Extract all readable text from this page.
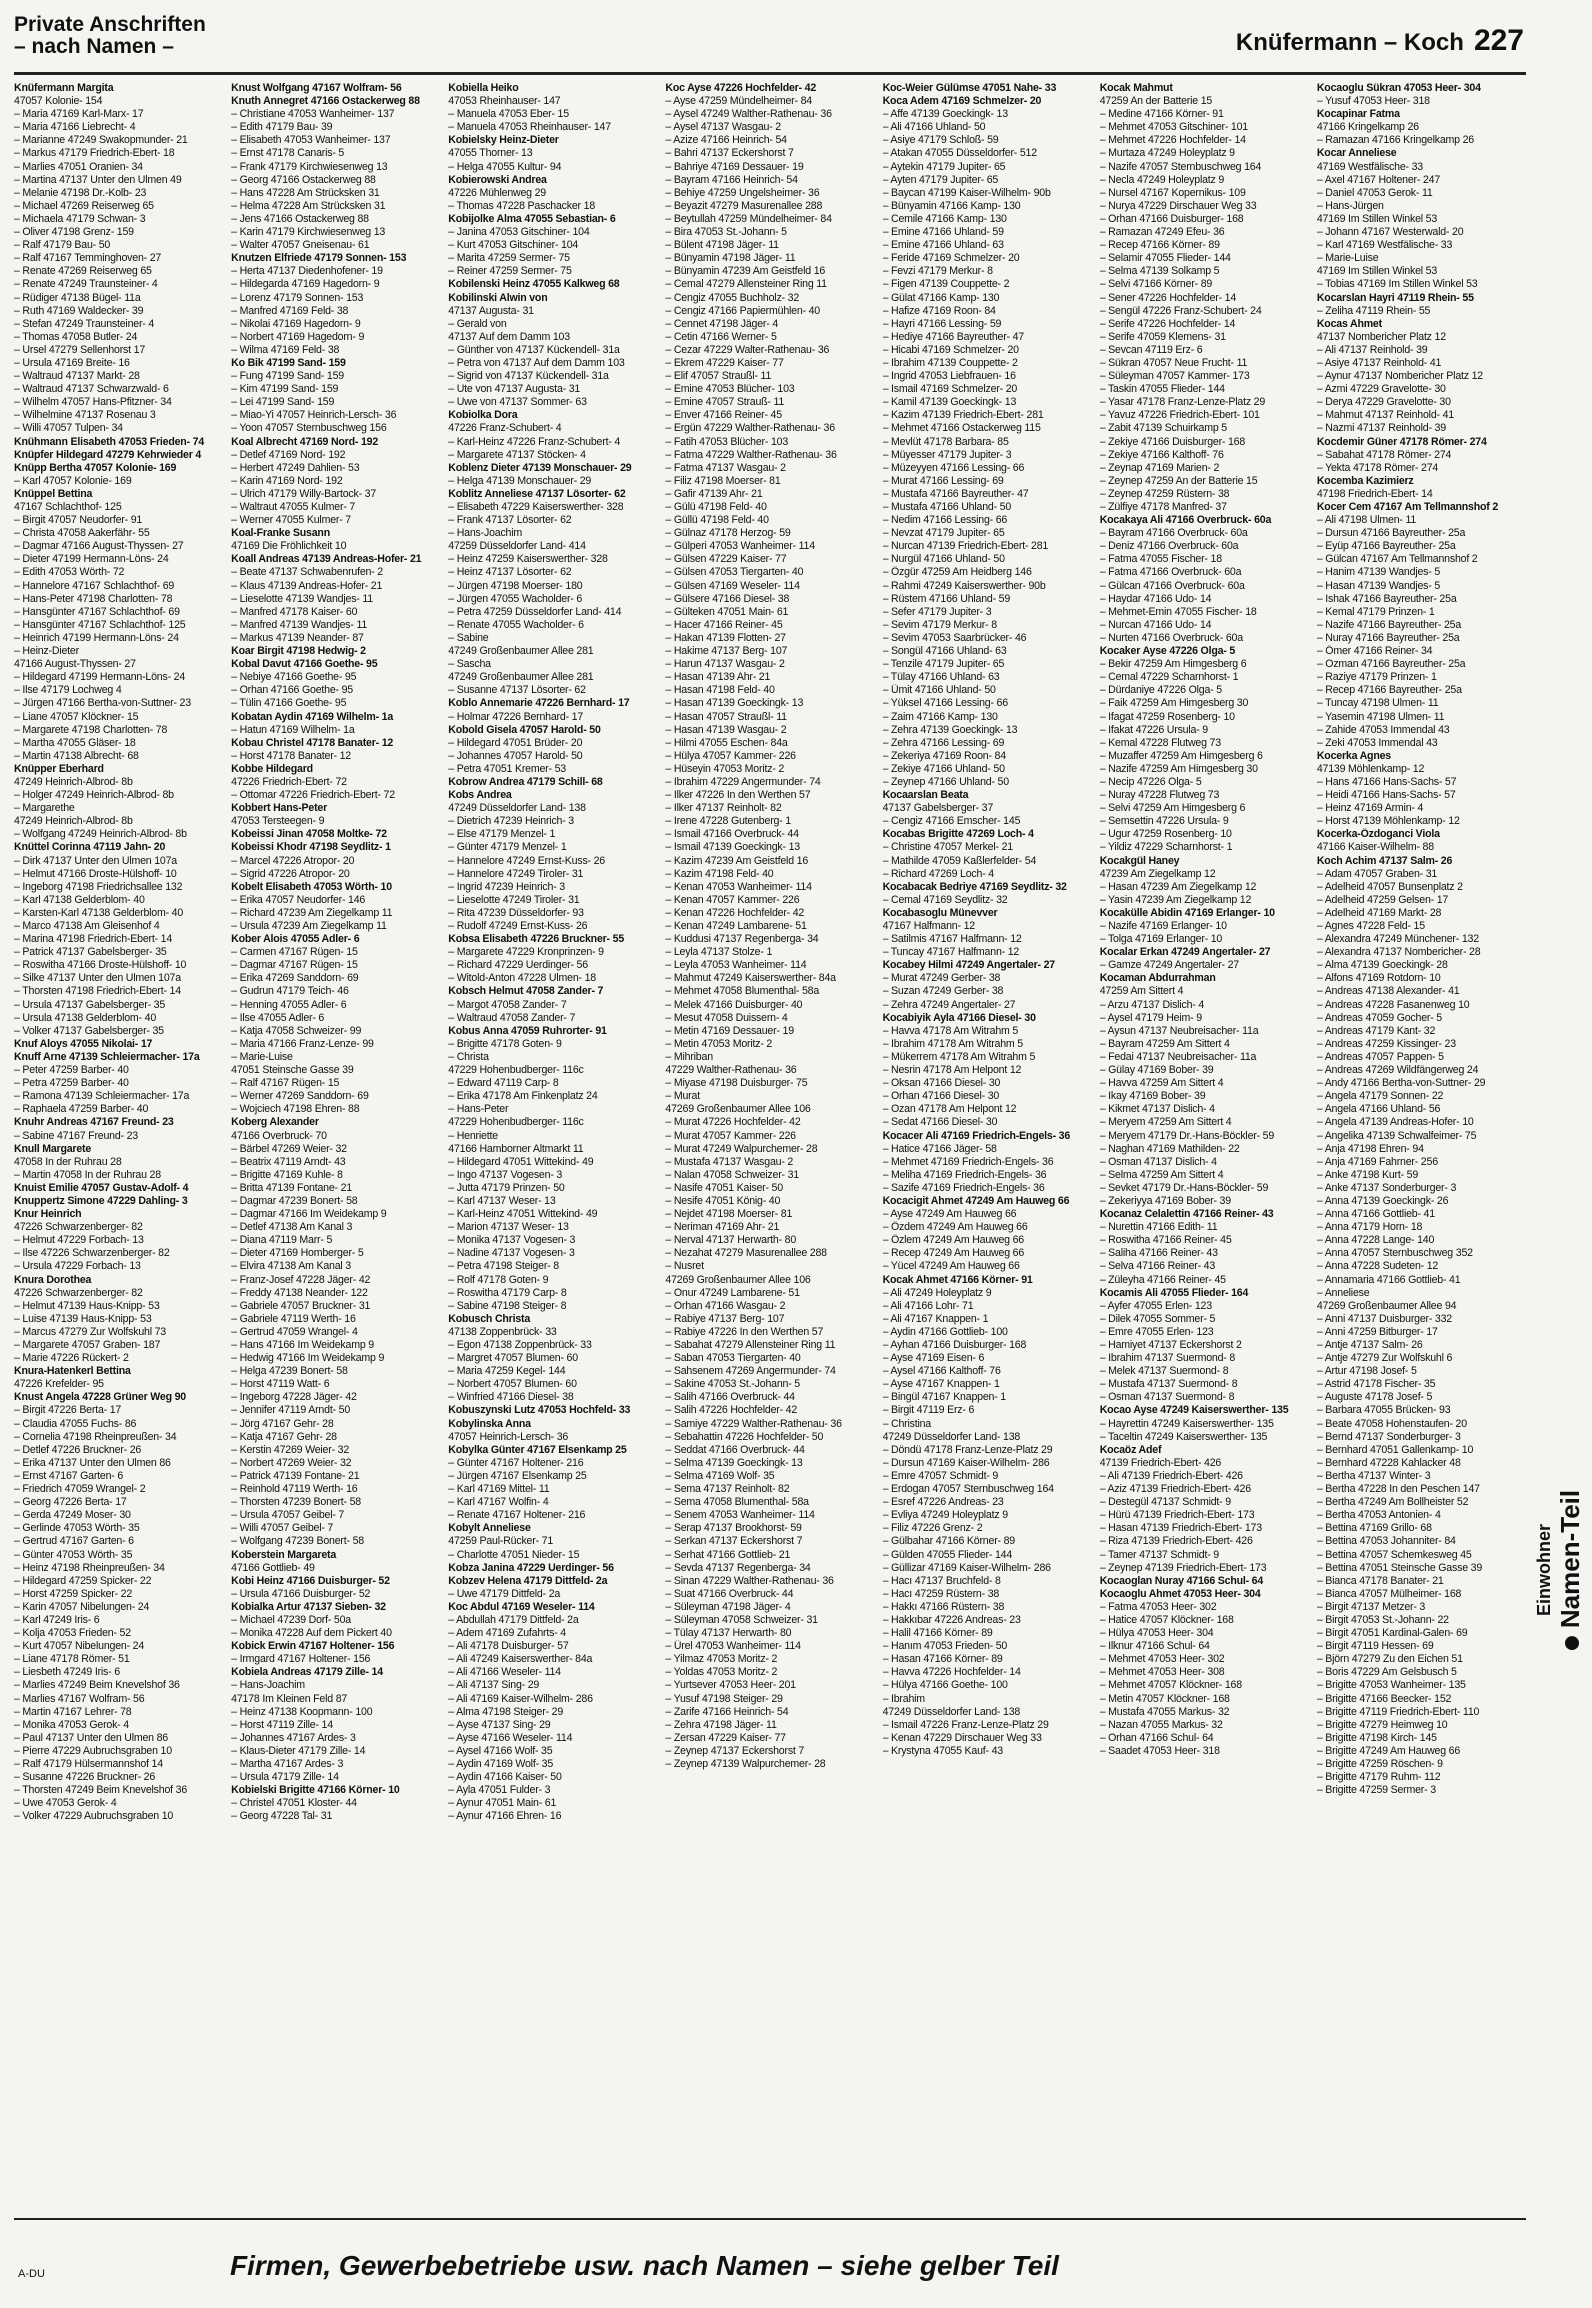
Private Anschriften
– nach Namen –	Knüfermann – Koch 227
Knüfermann Margita
47057 Kolonie- 154
– Maria 47169 Karl-Marx- 17
– Maria 47166 Liebrecht- 4
– Marianne 47249 Swakopmunder- 21
– Markus 47179 Friedrich-Ebert- 18
– Marlies 47051 Oranien- 34
– Martina 47137 Unter den Ulmen 49
– Melanie 47198 Dr.-Kolb- 23
– Michael 47269 Reiserweg 65
– Michaela 47179 Schwan- 3
– Oliver 47198 Grenz- 159
– Ralf 47179 Bau- 50
– Ralf 47167 Temminghoven- 27
– Renate 47269 Reiserweg 65
– Renate 47249 Traunsteiner- 4
– Rüdiger 47138 Bügel- 11a
– Ruth 47169 Waldecker- 39
– Stefan 47249 Traunsteiner- 4
– Thomas 47058 Butler- 24
– Ursel 47279 Sellenhorst 17
– Ursula 47169 Breite- 16
– Waltraud 47137 Markt- 28
– Waltraud 47137 Schwarzwald- 6
– Wilhelm 47057 Hans-Pfitzner- 34
– Wilhelmine 47137 Rosenau 3
– Willi 47057 Tulpen- 34
Knühmann Elisabeth 47053 Frieden- 74
Knüpfer Hildegard 47279 Kehrwieder 4
Knüpp Bertha 47057 Kolonie- 169
– Karl 47057 Kolonie- 169
Knüppel Bettina
47167 Schlachthof- 125
– Birgit 47057 Neudorfer- 91
– Christa 47058 Aakerfähr- 55
– Dagmar 47166 August-Thyssen- 27
– Dieter 47199 Hermann-Löns- 24
– Edith 47053 Wörth- 72
– Hannelore 47167 Schlachthof- 69
– Hans-Peter 47198 Charlotten- 78
– Hansgünter 47167 Schlachthof- 69
– Hansgünter 47167 Schlachthof- 125
– Heinrich 47199 Hermann-Löns- 24
– Heinz-Dieter
47166 August-Thyssen- 27
– Hildegard 47199 Hermann-Löns- 24
– Ilse 47179 Lochweg 4
– Jürgen 47166 Bertha-von-Suttner- 23
– Liane 47057 Klöckner- 15
– Margarete 47198 Charlotten- 78
– Martha 47055 Gläser- 18
– Martin 47138 Albrecht- 68
Knüpper Eberhard
47249 Heinrich-Albrod- 8b
– Holger 47249 Heinrich-Albrod- 8b
– Margarethe
47249 Heinrich-Albrod- 8b
– Wolfgang 47249 Heinrich-Albrod- 8b
Knüttel Corinna 47119 Jahn- 20
– Dirk 47137 Unter den Ulmen 107a
– Helmut 47166 Droste-Hülshoff- 10
– Ingeborg 47198 Friedrichsallee 132
– Karl 47138 Gelderblom- 40
– Karsten-Karl 47138 Gelderblom- 40
– Marco 47138 Am Gleisenhof 4
– Marina 47198 Friedrich-Ebert- 14
– Patrick 47137 Gabelsberger- 35
– Roswitha 47166 Droste-Hülshoff- 10
– Silke 47137 Unter den Ulmen 107a
– Thorsten 47198 Friedrich-Ebert- 14
– Ursula 47137 Gabelsberger- 35
– Ursula 47138 Gelderblom- 40
– Volker 47137 Gabelsberger- 35
Knuf Aloys 47055 Nikolai- 17
Knuff Arne 47139 Schleiermacher- 17a
– Peter 47259 Barber- 40
– Petra 47259 Barber- 40
– Ramona 47139 Schleiermacher- 17a
– Raphaela 47259 Barber- 40
Knuhr Andreas 47167 Freund- 23
– Sabine 47167 Freund- 23
Knull Margarete
47058 In der Ruhrau 28
– Martin 47058 In der Ruhrau 28
Knuist Emilie 47057 Gustav-Adolf- 4
Knuppertz Simone 47229 Dahling- 3
Knur Heinrich
47226 Schwarzenberger- 82
– Helmut 47229 Forbach- 13
– Ilse 47226 Schwarzenberger- 82
– Ursula 47229 Forbach- 13
Knura Dorothea
47226 Schwarzenberger- 82
– Helmut 47139 Haus-Knipp- 53
– Luise 47139 Haus-Knipp- 53
– Marcus 47279 Zur Wolfskuhl 73
– Margarete 47057 Graben- 187
– Marie 47226 Rückert- 2
Knura-Hatenkerl Bettina
47226 Krefelder- 95
Knust Angela 47228 Grüner Weg 90
– Birgit 47226 Berta- 17
– Claudia 47055 Fuchs- 86
– Cornelia 47198 Rheinpreußen- 34
– Detlef 47226 Bruckner- 26
– Erika 47137 Unter den Ulmen 86
– Ernst 47167 Garten- 6
– Friedrich 47059 Wrangel- 2
– Georg 47226 Berta- 17
– Gerda 47249 Moser- 30
– Gerlinde 47053 Wörth- 35
– Gertrud 47167 Garten- 6
– Günter 47053 Wörth- 35
– Heinz 47198 Rheinpreußen- 34
– Hildegard 47259 Spicker- 22
– Horst 47259 Spicker- 22
– Karin 47057 Nibelungen- 24
– Karl 47249 Iris- 6
– Kolja 47053 Frieden- 52
– Kurt 47057 Nibelungen- 24
– Liane 47178 Römer- 51
– Liesbeth 47249 Iris- 6
– Marlies 47249 Beim Knevelshof 36
– Marlies 47167 Wolfram- 56
– Martin 47167 Lehrer- 78
– Monika 47053 Gerok- 4
– Paul 47137 Unter den Ulmen 86
– Pierre 47229 Aubruchsgraben 10
– Ralf 47179 Hülsermannshof 14
– Susanne 47226 Bruckner- 26
– Thorsten 47249 Beim Knevelshof 36
– Uwe 47053 Gerok- 4
– Volker 47229 Aubruchsgraben 10
Knust Wolfgang 47167 Wolfram- 56
Knuth Annegret 47166 Ostackerweg 88
– Christiane 47053 Wanheimer- 137
– Edith 47179 Bau- 39
– Elisabeth 47053 Wanheimer- 137
– Ernst 47178 Canaris- 5
– Frank 47179 Kirchwiesenweg 13
– Georg 47166 Ostackerweg 88
– Hans 47228 Am Strücksken 31
– Helma 47228 Am Strücksken 31
– Jens 47166 Ostackerweg 88
– Karin 47179 Kirchwiesenweg 13
– Walter 47057 Gneisenau- 61
Knutzen Elfriede 47179 Sonnen- 153
– Herta 47137 Diedenhofener- 19
– Hildegarda 47169 Hagedorn- 9
– Lorenz 47179 Sonnen- 153
– Manfred 47169 Feld- 38
– Nikolai 47169 Hagedorn- 9
– Norbert 47169 Hagedorn- 9
– Wilma 47169 Feld- 38
Ko Bik 47199 Sand- 159
– Fung 47199 Sand- 159
– Kim 47199 Sand- 159
– Lei 47199 Sand- 159
– Miao-Yi 47057 Heinrich-Lersch- 36
– Yoon 47057 Sternbuschweg 156
Koal Albrecht 47169 Nord- 192
– Detlef 47169 Nord- 192
– Herbert 47249 Dahlien- 53
– Karin 47169 Nord- 192
– Ulrich 47179 Willy-Bartock- 37
– Waltraut 47055 Kulmer- 7
– Werner 47055 Kulmer- 7
Koal-Franke Susann
47169 Die Fröhlichkeit 10
Koall Andreas 47139 Andreas-Hofer- 21
– Beate 47137 Schwabenrufen- 2
– Klaus 47139 Andreas-Hofer- 21
– Lieselotte 47139 Wandjes- 11
– Manfred 47178 Kaiser- 60
– Manfred 47139 Wandjes- 11
– Markus 47139 Neander- 87
Koar Birgit 47198 Hedwig- 2
Kobal Davut 47166 Goethe- 95
– Nebiye 47166 Goethe- 95
– Orhan 47166 Goethe- 95
– Tülin 47166 Goethe- 95
Kobatan Aydin 47169 Wilhelm- 1a
– Hatun 47169 Wilhelm- 1a
Kobau Christel 47178 Banater- 12
– Horst 47178 Banater- 12
Kobbe Hildegard
47226 Friedrich-Ebert- 72
– Ottomar 47226 Friedrich-Ebert- 72
Kobbert Hans-Peter
47053 Tersteegen- 9
Kobeissi Jinan 47058 Moltke- 72
Kobeissi Khodr 47198 Seydlitz- 1
– Marcel 47226 Atropor- 20
– Sigrid 47226 Atropor- 20
Kobelt Elisabeth 47053 Wörth- 10
– Erika 47057 Neudorfer- 146
– Richard 47239 Am Ziegelkamp 11
– Ursula 47239 Am Ziegelkamp 11
Kober Alois 47055 Adler- 6
– Carmen 47167 Rügen- 15
– Dagmar 47167 Rügen- 15
– Erika 47269 Sanddorn- 69
– Gudrun 47179 Teich- 46
– Henning 47055 Adler- 6
– Ilse 47055 Adler- 6
– Katja 47058 Schweizer- 99
– Maria 47166 Franz-Lenze- 99
– Marie-Luise
47051 Steinsche Gasse 39
– Ralf 47167 Rügen- 15
– Werner 47269 Sanddorn- 69
– Wojciech 47198 Ehren- 88
Koberg Alexander
47166 Overbruck- 70
– Bärbel 47269 Weier- 32
– Beatrix 47119 Arndt- 43
– Brigitte 47169 Kuhle- 8
– Britta 47139 Fontane- 21
– Dagmar 47239 Bonert- 58
– Dagmar 47166 Im Weidekamp 9
– Detlef 47138 Am Kanal 3
– Diana 47119 Marr- 5
– Dieter 47169 Homberger- 5
– Elvira 47138 Am Kanal 3
– Franz-Josef 47228 Jäger- 42
– Freddy 47138 Neander- 122
– Gabriele 47057 Bruckner- 31
– Gabriele 47119 Werth- 16
– Gertrud 47059 Wrangel- 4
– Hans 47166 Im Weidekamp 9
– Hedwig 47166 Im Weidekamp 9
– Helga 47239 Bonert- 58
– Horst 47119 Watt- 6
– Ingeborg 47228 Jäger- 42
– Jennifer 47119 Arndt- 50
– Jörg 47167 Gehr- 28
– Katja 47167 Gehr- 28
– Kerstin 47269 Weier- 32
– Norbert 47269 Weier- 32
– Patrick 47139 Fontane- 21
– Reinhold 47119 Werth- 16
– Thorsten 47239 Bonert- 58
– Ursula 47057 Geibel- 7
– Willi 47057 Geibel- 7
– Wolfgang 47239 Bonert- 58
Koberstein Margareta
47166 Gottlieb- 49
Kobi Heinz 47166 Duisburger- 52
– Ursula 47166 Duisburger- 52
Kobialka Artur 47137 Sieben- 32
– Michael 47239 Dorf- 50a
– Monika 47228 Auf dem Pickert 40
Kobick Erwin 47167 Holtener- 156
– Irmgard 47167 Holtener- 156
Kobiela Andreas 47179 Zille- 14
– Hans-Joachim
47178 Im Kleinen Feld 87
– Heinz 47138 Koopmann- 100
– Horst 47119 Zille- 14
– Johannes 47167 Ardes- 3
– Klaus-Dieter 47179 Zille- 14
– Martha 47167 Ardes- 3
– Ursula 47179 Zille- 14
Kobielski Brigitte 47166 Körner- 10
– Christel 47051 Kloster- 44
– Georg 47228 Tal- 31
Kobiella Heiko
47053 Rheinhauser- 147
– Manuela 47053 Eber- 15
– Manuela 47053 Rheinhauser- 147
Kobielsky Heinz-Dieter
47055 Thorner- 13
– Helga 47055 Kultur- 94
Kobierowski Andrea
47226 Mühlenweg 29
– Thomas 47228 Paschacker 18
Kobijolke Alma 47055 Sebastian- 6
– Janina 47053 Gitschiner- 104
– Kurt 47053 Gitschiner- 104
– Marita 47259 Sermer- 75
– Reiner 47259 Sermer- 75
Kobilenski Heinz 47055 Kalkweg 68
Kobilinski Alwin von
47137 Augusta- 31
– Gerald von
47137 Auf dem Damm 103
– Günther von 47137 Kückendell- 31a
– Petra von 47137 Auf dem Damm 103
– Sigrid von 47137 Kückendell- 31a
– Ute von 47137 Augusta- 31
– Uwe von 47137 Sommer- 63
Kobiolka Dora
47226 Franz-Schubert- 4
– Karl-Heinz 47226 Franz-Schubert- 4
– Margarete 47137 Stöcken- 4
Koblenz Dieter 47139 Monschauer- 29
– Helga 47139 Monschauer- 29
Koblitz Anneliese 47137 Lösorter- 62
– Elisabeth 47229 Kaiserswerther- 328
– Frank 47137 Lösorter- 62
– Hans-Joachim
47259 Düsseldorfer Land- 414
– Heinz 47259 Kaiserswerther- 328
– Heinz 47137 Lösorter- 62
– Jürgen 47198 Moerser- 180
– Jürgen 47055 Wacholder- 6
– Petra 47259 Düsseldorfer Land- 414
– Renate 47055 Wacholder- 6
– Sabine
47249 Großenbaumer Allee 281
– Sascha
47249 Großenbaumer Allee 281
– Susanne 47137 Lösorter- 62
Koblo Annemarie 47226 Bernhard- 17
– Holmar 47226 Bernhard- 17
Kobold Gisela 47057 Harold- 50
– Hildegard 47051 Brüder- 20
– Johannes 47057 Harold- 50
– Petra 47051 Kremer- 53
Kobrow Andrea 47179 Schill- 68
Kobs Andrea
47249 Düsseldorfer Land- 138
– Dietrich 47239 Heinrich- 3
– Else 47179 Menzel- 1
– Günter 47179 Menzel- 1
– Hannelore 47249 Ernst-Kuss- 26
– Hannelore 47249 Tiroler- 31
– Ingrid 47239 Heinrich- 3
– Lieselotte 47249 Tiroler- 31
– Rita 47239 Düsseldorfer- 93
– Rudolf 47249 Ernst-Kuss- 26
Kobsa Elisabeth 47226 Bruckner- 55
– Margarete 47229 Kronprinzen- 9
– Richard 47229 Uerdinger- 56
– Witold-Anton 47228 Ulmen- 18
Kobsch Helmut 47058 Zander- 7
– Margot 47058 Zander- 7
– Waltraud 47058 Zander- 7
Kobus Anna 47059 Ruhrorter- 91
– Brigitte 47178 Goten- 9
– Christa
47229 Hohenbudberger- 116c
– Edward 47119 Carp- 8
– Erika 47178 Am Finkenplatz 24
– Hans-Peter
47229 Hohenbudberger- 116c
– Henriette
47166 Hamborner Altmarkt 11
– Hildegard 47051 Wittekind- 49
– Ingo 47137 Vogesen- 3
– Jutta 47179 Prinzen- 50
– Karl 47137 Weser- 13
– Karl-Heinz 47051 Wittekind- 49
– Marion 47137 Weser- 13
– Monika 47137 Vogesen- 3
– Nadine 47137 Vogesen- 3
– Petra 47198 Steiger- 8
– Rolf 47178 Goten- 9
– Roswitha 47179 Carp- 8
– Sabine 47198 Steiger- 8
Kobusch Christa
47138 Zoppenbrück- 33
– Egon 47138 Zoppenbrück- 33
– Margret 47057 Blumen- 60
– Maria 47259 Kegel- 144
– Norbert 47057 Blumen- 60
– Winfried 47166 Diesel- 38
Kobuszynski Lutz 47053 Hochfeld- 33
Kobylinska Anna
47057 Heinrich-Lersch- 36
Kobylka Günter 47167 Elsenkamp 25
– Günter 47167 Holtener- 216
– Jürgen 47167 Elsenkamp 25
– Karl 47169 Mittel- 11
– Karl 47167 Wolfin- 4
– Renate 47167 Holtener- 216
Kobylt Anneliese
47259 Paul-Rücker- 71
– Charlotte 47051 Nieder- 15
Kobza Janina 47229 Uerdinger- 56
Kobzev Helena 47179 Dittfeld- 2a
– Uwe 47179 Dittfeld- 2a
Koc Abdul 47169 Weseler- 114
– Abdullah 47179 Dittfeld- 2a
– Adem 47169 Zufahrts- 4
– Ali 47178 Duisburger- 57
– Ali 47249 Kaiserswerther- 84a
– Ali 47166 Weseler- 114
– Ali 47137 Sing- 29
– Ali 47169 Kaiser-Wilhelm- 286
– Alma 47198 Steiger- 29
– Ayse 47137 Sing- 29
– Ayse 47166 Weseler- 114
– Aysel 47166 Wolf- 35
– Aydin 47169 Wolf- 35
– Aydin 47166 Kaiser- 50
– Ayla 47051 Fulder- 3
– Aynur 47051 Main- 61
– Aynur 47166 Ehren- 16
Koc Ayse 47226 Hochfelder- 42
– Ayse 47259 Mündelheimer- 84
– Aysel 47249 Walther-Rathenau- 36
– Aysel 47137 Wasgau- 2
– Azize 47166 Heinrich- 54
– Bahri 47137 Eckershorst 7
– Bahriye 47169 Dessauer- 19
– Bayram 47166 Heinrich- 54
– Behiye 47259 Ungelsheimer- 36
– Beyazit 47279 Masurenallee 288
– Beytullah 47259 Mündelheimer- 84
– Bira 47053 St.-Johann- 5
– Bülent 47198 Jäger- 11
– Bünyamin 47198 Jäger- 11
– Bünyamin 47239 Am Geistfeld 16
– Cemal 47279 Allensteiner Ring 11
– Cengiz 47055 Buchholz- 32
– Cengiz 47166 Papiermühlen- 40
– Cennet 47198 Jäger- 4
– Cetin 47166 Werner- 5
– Cezar 47229 Walter-Rathenau- 36
– Ekrem 47229 Kaiser- 77
– Elif 47057 Straußl- 11
– Emine 47053 Blücher- 103
– Emine 47057 Strauß- 11
– Enver 47166 Reiner- 45
– Ergün 47229 Walther-Rathenau- 36
– Fatih 47053 Blücher- 103
– Fatma 47229 Walther-Rathenau- 36
– Fatma 47137 Wasgau- 2
– Filiz 47198 Moerser- 81
– Gafir 47139 Ahr- 21
– Gülü 47198 Feld- 40
– Güllü 47198 Feld- 40
– Gülnaz 47178 Herzog- 59
– Gülperi 47053 Wanheimer- 114
– Gülsen 47229 Kaiser- 77
– Gülsen 47053 Tiergarten- 40
– Gülsen 47169 Weseler- 114
– Gülsere 47166 Diesel- 38
– Gülteken 47051 Main- 61
– Hacer 47166 Reiner- 45
– Hakan 47139 Flotten- 27
– Hakime 47137 Berg- 107
– Harun 47137 Wasgau- 2
– Hasan 47139 Ahr- 21
– Hasan 47198 Feld- 40
– Hasan 47139 Goeckingk- 13
– Hasan 47057 Straußl- 11
– Hasan 47139 Wasgau- 2
– Hilmi 47055 Eschen- 84a
– Hülya 47057 Kammer- 226
– Hüseyin 47053 Moritz- 2
– Ibrahim 47229 Angermunder- 74
– Ilker 47226 In den Werthen 57
– Ilker 47137 Reinholt- 82
– Irene 47228 Gutenberg- 1
– Ismail 47166 Overbruck- 44
– Ismail 47139 Goeckingk- 13
– Kazim 47239 Am Geistfeld 16
– Kazim 47198 Feld- 40
– Kenan 47053 Wanheimer- 114
– Kenan 47057 Kammer- 226
– Kenan 47226 Hochfelder- 42
– Kenan 47249 Lambarene- 51
– Kuddusi 47137 Regenberga- 34
– Leyla 47137 Stolze- 1
– Leyla 47053 Wanheimer- 114
– Mahmut 47249 Kaiserswerther- 84a
– Mehmet 47058 Blumenthal- 58a
– Melek 47166 Duisburger- 40
– Mesut 47058 Duissern- 4
– Metin 47169 Dessauer- 19
– Metin 47053 Moritz- 2
– Mihriban
47229 Walther-Rathenau- 36
– Miyase 47198 Duisburger- 75
– Murat
47269 Großenbaumer Allee 106
– Murat 47226 Hochfelder- 42
– Murat 47057 Kammer- 226
– Murat 47249 Walpurchemer- 28
– Mustafa 47137 Wasgau- 2
– Nalan 47058 Schweizer- 31
– Nasife 47051 Kaiser- 50
– Nesife 47051 König- 40
– Nejdet 47198 Moerser- 81
– Neriman 47169 Ahr- 21
– Nerval 47137 Herwarth- 80
– Nezahat 47279 Masurenallee 288
– Nusret
47269 Großenbaumer Allee 106
– Onur 47249 Lambarene- 51
– Orhan 47166 Wasgau- 2
– Rabiye 47137 Berg- 107
– Rabiye 47226 In den Werthen 57
– Sabahat 47279 Allensteiner Ring 11
– Saban 47053 Tiergarten- 40
– Sahsenem 47269 Angermunder- 74
– Sakine 47053 St.-Johann- 5
– Salih 47166 Overbruck- 44
– Salih 47226 Hochfelder- 42
– Samiye 47229 Walther-Rathenau- 36
– Sebahattin 47226 Hochfelder- 50
– Seddat 47166 Overbruck- 44
– Selma 47139 Goeckingk- 13
– Selma 47169 Wolf- 35
– Sema 47137 Reinholt- 82
– Sema 47058 Blumenthal- 58a
– Senem 47053 Wanheimer- 114
– Serap 47137 Brookhorst- 59
– Serkan 47137 Eckershorst 7
– Serhat 47166 Gottlieb- 21
– Sevda 47137 Regenberga- 34
– Sinan 47229 Walther-Rathenau- 36
– Suat 47166 Overbruck- 44
– Süleyman 47198 Jäger- 4
– Süleyman 47058 Schweizer- 31
– Tülay 47137 Herwarth- 80
– Ürel 47053 Wanheimer- 114
– Yilmaz 47053 Moritz- 2
– Yoldas 47053 Moritz- 2
– Yurtsever 47053 Heer- 201
– Yusuf 47198 Steiger- 29
– Zarife 47166 Heinrich- 54
– Zehra 47198 Jäger- 11
– Zersan 47229 Kaiser- 77
– Zeynep 47137 Eckershorst 7
– Zeynep 47139 Walpurchemer- 28
Koc-Weier Gülümse 47051 Nahe- 33
Koca Adem 47169 Schmelzer- 20
– Affe 47139 Goeckingk- 13
– Ali 47166 Uhland- 50
– Asiye 47179 Schloß- 59
– Atakan 47055 Düsseldorfer- 512
– Aytekin 47179 Jupiter- 65
– Ayten 47179 Jupiter- 65
– Baycan 47199 Kaiser-Wilhelm- 90b
– Bünyamin 47166 Kamp- 130
– Cemile 47166 Kamp- 130
– Emine 47166 Uhland- 59
– Emine 47166 Uhland- 63
– Feride 47169 Schmelzer- 20
– Fevzi 47179 Merkur- 8
– Figen 47139 Couppette- 2
– Gülat 47166 Kamp- 130
– Hafize 47169 Roon- 84
– Hayri 47166 Lessing- 59
– Hediye 47166 Bayreuther- 47
– Hicabi 47169 Schmelzer- 20
– Ibrahim 47139 Couppette- 2
– Ingrid 47053 Liebfrauen- 16
– Ismail 47169 Schmelzer- 20
– Kamil 47139 Goeckingk- 13
– Kazim 47139 Friedrich-Ebert- 281
– Mehmet 47166 Ostackerweg 115
– Mevlüt 47178 Barbara- 85
– Müyesser 47179 Jupiter- 3
– Müzeyyen 47166 Lessing- 66
– Murat 47166 Lessing- 69
– Mustafa 47166 Bayreuther- 47
– Mustafa 47166 Uhland- 50
– Nedim 47166 Lessing- 66
– Nevzat 47179 Jupiter- 65
– Nurcan 47139 Friedrich-Ebert- 281
– Nurgül 47166 Uhland- 50
– Özgür 47259 Am Heidberg 146
– Rahmi 47249 Kaiserswerther- 90b
– Rüstem 47166 Uhland- 59
– Sefer 47179 Jupiter- 3
– Sevim 47179 Merkur- 8
– Sevim 47053 Saarbrücker- 46
– Songül 47166 Uhland- 63
– Tenzile 47179 Jupiter- 65
– Tülay 47166 Uhland- 63
– Ümit 47166 Uhland- 50
– Yüksel 47166 Lessing- 66
– Zaim 47166 Kamp- 130
– Zehra 47139 Goeckingk- 13
– Zehra 47166 Lessing- 69
– Zekeriya 47169 Roon- 84
– Zekiye 47166 Uhland- 50
– Zeynep 47166 Uhland- 50
Kocaarslan Beata
47137 Gabelsberger- 37
– Cengiz 47166 Emscher- 145
Kocabas Brigitte 47269 Loch- 4
– Christine 47057 Merkel- 21
– Mathilde 47059 Kaßlerfelder- 54
– Richard 47269 Loch- 4
Kocabacak Bedriye 47169 Seydlitz- 32
– Cemal 47169 Seydlitz- 32
Kocabasoglu Münevver
47167 Halfmann- 12
– Satilmis 47167 Halfmann- 12
– Tuncay 47167 Halfmann- 12
Kocabey Hilmi 47249 Angertaler- 27
– Murat 47249 Gerber- 38
– Suzan 47249 Gerber- 38
– Zehra 47249 Angertaler- 27
Kocabiyik Ayla 47166 Diesel- 30
– Havva 47178 Am Witrahm 5
– Ibrahim 47178 Am Witrahm 5
– Mükerrem 47178 Am Witrahm 5
– Nesrin 47178 Am Helpont 12
– Oksan 47166 Diesel- 30
– Orhan 47166 Diesel- 30
– Ozan 47178 Am Helpont 12
– Sedat 47166 Diesel- 30
Kocacer Ali 47169 Friedrich-Engels- 36
– Hatice 47166 Jäger- 58
– Mehmet 47169 Friedrich-Engels- 36
– Meliha 47169 Friedrich-Engels- 36
– Sazife 47169 Friedrich-Engels- 36
Kocacigit Ahmet 47249 Am Hauweg 66
– Ayse 47249 Am Hauweg 66
– Özdem 47249 Am Hauweg 66
– Özlem 47249 Am Hauweg 66
– Recep 47249 Am Hauweg 66
– Yücel 47249 Am Hauweg 66
Kocak Ahmet 47166 Körner- 91
– Ali 47249 Holeyplatz 9
– Ali 47166 Lohr- 71
– Ali 47167 Knappen- 1
– Aydin 47166 Gottlieb- 100
– Ayhan 47166 Duisburger- 168
– Ayse 47169 Eisen- 6
– Aysel 47166 Kalthoff- 76
– Ayse 47167 Knappen- 1
– Bingül 47167 Knappen- 1
– Birgit 47119 Erz- 6
– Christina
47249 Düsseldorfer Land- 138
– Döndü 47178 Franz-Lenze-Platz 29
– Dursun 47169 Kaiser-Wilhelm- 286
– Emre 47057 Schmidt- 9
– Erdogan 47057 Sternbuschweg 164
– Esref 47226 Andreas- 23
– Evliya 47249 Holeyplatz 9
– Filiz 47226 Grenz- 2
– Gülbahar 47166 Körner- 89
– Gülden 47055 Flieder- 144
– Güllizar 47169 Kaiser-Wilhelm- 286
– Hacı 47137 Bruchfeld- 8
– Hacı 47259 Rüstern- 38
– Hakkı 47166 Rüstern- 38
– Hakkıbar 47226 Andreas- 23
– Halil 47166 Körner- 89
– Hanım 47053 Frieden- 50
– Hasan 47166 Körner- 89
– Havva 47226 Hochfelder- 14
– Hülya 47166 Goethe- 100
– Ibrahim
47249 Düsseldorfer Land- 138
– Ismail 47226 Franz-Lenze-Platz 29
– Kenan 47229 Dirschauer Weg 33
– Krystyna 47055 Kauf- 43
Kocak Mahmut
47259 An der Batterie 15
– Medine 47166 Körner- 91
– Mehmet 47053 Gitschiner- 101
– Mehmet 47226 Hochfelder- 14
– Murtaza 47249 Holeyplatz 9
– Nazife 47057 Sternbuschweg 164
– Necla 47249 Holeyplatz 9
– Nursel 47167 Kopernikus- 109
– Nurya 47229 Dirschauer Weg 33
– Orhan 47166 Duisburger- 168
– Ramazan 47249 Efeu- 36
– Recep 47166 Körner- 89
– Selamir 47055 Flieder- 144
– Selma 47139 Solkamp 5
– Selvi 47166 Körner- 89
– Sener 47226 Hochfelder- 14
– Sengül 47226 Franz-Schubert- 24
– Serife 47226 Hochfelder- 14
– Serife 47059 Klemens- 31
– Sevcan 47119 Erz- 6
– Sükran 47057 Neue Frucht- 11
– Süleyman 47057 Kammer- 173
– Taskin 47055 Flieder- 144
– Yasar 47178 Franz-Lenze-Platz 29
– Yavuz 47226 Friedrich-Ebert- 101
– Zabit 47139 Schuirkamp 5
– Zekiye 47166 Duisburger- 168
– Zekiye 47166 Kalthoff- 76
– Zeynap 47169 Marien- 2
– Zeynep 47259 An der Batterie 15
– Zeynep 47259 Rüstern- 38
– Zülfiye 47178 Manfred- 37
Kocakaya Ali 47166 Overbruck- 60a
– Bayram 47166 Overbruck- 60a
– Deniz 47166 Overbruck- 60a
– Fatma 47055 Fischer- 18
– Fatma 47166 Overbruck- 60a
– Gülcan 47166 Overbruck- 60a
– Haydar 47166 Udo- 14
– Mehmet-Emin 47055 Fischer- 18
– Nurcan 47166 Udo- 14
– Nurten 47166 Overbruck- 60a
Kocaker Ayse 47226 Olga- 5
– Bekir 47259 Am Himgesberg 6
– Cemal 47229 Scharnhorst- 1
– Dürdaniye 47226 Olga- 5
– Faik 47259 Am Himgesberg 30
– Ifagat 47259 Rosenberg- 10
– Ifakat 47226 Ursula- 9
– Kemal 47228 Flutweg 73
– Muzaffer 47259 Am Himgesberg 6
– Nazife 47259 Am Himgesberg 30
– Necip 47226 Olga- 5
– Nuray 47228 Flutweg 73
– Selvi 47259 Am Himgesberg 6
– Semsettin 47226 Ursula- 9
– Ugur 47259 Rosenberg- 10
– Yildiz 47229 Scharnhorst- 1
Kocakgül Haney
47239 Am Ziegelkamp 12
– Hasan 47239 Am Ziegelkamp 12
– Yasin 47239 Am Ziegelkamp 12
Kocakülle Abidin 47169 Erlanger- 10
– Nazife 47169 Erlanger- 10
– Tolga 47169 Erlanger- 10
Kocalar Erkan 47249 Angertaler- 27
– Gamze 47249 Angertaler- 27
Kocaman Abdurrahman
47259 Am Sittert 4
– Arzu 47137 Dislich- 4
– Aysel 47179 Heim- 9
– Aysun 47137 Neubreisacher- 11a
– Bayram 47259 Am Sittert 4
– Fedai 47137 Neubreisacher- 11a
– Gülay 47169 Bober- 39
– Havva 47259 Am Sittert 4
– Ikay 47169 Bober- 39
– Kikmet 47137 Dislich- 4
– Meryem 47259 Am Sittert 4
– Meryem 47179 Dr.-Hans-Böckler- 59
– Naghan 47169 Mathilden- 22
– Osman 47137 Dislich- 4
– Selma 47259 Am Sittert 4
– Sevket 47179 Dr.-Hans-Böckler- 59
– Zekeriyya 47169 Bober- 39
Kocanaz Celalettin 47166 Reiner- 43
– Nurettin 47166 Edith- 11
– Roswitha 47166 Reiner- 45
– Saliha 47166 Reiner- 43
– Selva 47166 Reiner- 43
– Züleyha 47166 Reiner- 45
Kocamis Ali 47055 Flieder- 164
– Ayfer 47055 Erlen- 123
– Dilek 47055 Sommer- 5
– Emre 47055 Erlen- 123
– Hamiyet 47137 Eckershorst 2
– Ibrahim 47137 Suermond- 8
– Melek 47137 Suermond- 8
– Mustafa 47137 Suermond- 8
– Osman 47137 Suermond- 8
Kocao Ayse 47249 Kaiserswerther- 135
– Hayrettin 47249 Kaiserswerther- 135
– Taceltin 47249 Kaiserswerther- 135
Kocaöz Adef
47139 Friedrich-Ebert- 426
– Ali 47139 Friedrich-Ebert- 426
– Aziz 47139 Friedrich-Ebert- 426
– Destegül 47137 Schmidt- 9
– Hürü 47139 Friedrich-Ebert- 173
– Hasan 47139 Friedrich-Ebert- 173
– Riza 47139 Friedrich-Ebert- 426
– Tamer 47137 Schmidt- 9
– Zeynep 47139 Friedrich-Ebert- 173
Kocaoglan Nuray 47166 Schul- 64
Kocaoglu Ahmet 47053 Heer- 304
– Fatma 47053 Heer- 302
– Hatice 47057 Klöckner- 168
– Hülya 47053 Heer- 304
– Ilknur 47166 Schul- 64
– Mehmet 47053 Heer- 302
– Mehmet 47053 Heer- 308
– Mehmet 47057 Klöckner- 168
– Metin 47057 Klöckner- 168
– Mustafa 47055 Markus- 32
– Nazan 47055 Markus- 32
– Orhan 47166 Schul- 64
– Saadet 47053 Heer- 318
Kocaoglu Sükran 47053 Heer- 304
– Yusuf 47053 Heer- 318
Kocapinar Fatma
47166 Kringelkamp 26
– Ramazan 47166 Kringelkamp 26
Kocar Anneliese
47169 Westfälische- 33
– Axel 47167 Holtener- 247
– Daniel 47053 Gerok- 11
– Hans-Jürgen
47169 Im Stillen Winkel 53
– Johann 47167 Westerwald- 20
– Karl 47169 Westfälische- 33
– Marie-Luise
47169 Im Stillen Winkel 53
– Tobias 47169 Im Stillen Winkel 53
Kocarslan Hayri 47119 Rhein- 55
– Zeliha 47119 Rhein- 55
Kocas Ahmet
47137 Nombericher Platz 12
– Ali 47137 Reinhold- 39
– Asiye 47137 Reinhold- 41
– Aynur 47137 Nombericher Platz 12
– Azmi 47229 Gravelotte- 30
– Derya 47229 Gravelotte- 30
– Mahmut 47137 Reinhold- 41
– Nazmi 47137 Reinhold- 39
Kocdemir Güner 47178 Römer- 274
– Sabahat 47178 Römer- 274
– Yekta 47178 Römer- 274
Kocemba Kazimierz
47198 Friedrich-Ebert- 14
Kocer Cem 47167 Am Tellmannshof 2
– Ali 47198 Ulmen- 11
– Dursun 47166 Bayreuther- 25a
– Eyüp 47166 Bayreuther- 25a
– Gülcan 47167 Am Tellmannshof 2
– Hanim 47139 Wandjes- 5
– Hasan 47139 Wandjes- 5
– Ishak 47166 Bayreuther- 25a
– Kemal 47179 Prinzen- 1
– Nazife 47166 Bayreuther- 25a
– Nuray 47166 Bayreuther- 25a
– Ömer 47166 Reiner- 34
– Ozman 47166 Bayreuther- 25a
– Raziye 47179 Prinzen- 1
– Recep 47166 Bayreuther- 25a
– Tuncay 47198 Ulmen- 11
– Yasemin 47198 Ulmen- 11
– Zahide 47053 Immendal 43
– Zeki 47053 Immendal 43
Kocerka Agnes
47139 Möhlenkamp- 12
– Hans 47166 Hans-Sachs- 57
– Heidi 47166 Hans-Sachs- 57
– Heinz 47169 Armin- 4
– Horst 47139 Möhlenkamp- 12
Kocerka-Özdoganci Viola
47166 Kaiser-Wilhelm- 88
Koch Achim 47137 Salm- 26
– Adam 47057 Graben- 31
– Adelheid 47057 Bunsenplatz 2
– Adelheid 47259 Gelsen- 17
– Adelheid 47169 Markt- 28
– Agnes 47228 Feld- 15
– Alexandra 47249 Münchener- 132
– Alexandra 47137 Nombericher- 28
– Alma 47139 Goeckingk- 28
– Alfons 47169 Rotdorn- 10
– Andreas 47138 Alexander- 41
– Andreas 47228 Fasanenweg 10
– Andreas 47059 Gocher- 5
– Andreas 47179 Kant- 32
– Andreas 47259 Kissinger- 23
– Andreas 47057 Pappen- 5
– Andreas 47269 Wildfängerweg 24
– Andy 47166 Bertha-von-Suttner- 29
– Angela 47179 Sonnen- 22
– Angela 47166 Uhland- 56
– Angela 47139 Andreas-Hofer- 10
– Angelika 47139 Schwalfeimer- 75
– Anja 47198 Ehren- 94
– Anja 47169 Fahrner- 256
– Anke 47198 Kurt- 59
– Anke 47137 Sonderburger- 3
– Anna 47139 Goeckingk- 26
– Anna 47166 Gottlieb- 41
– Anna 47179 Horn- 18
– Anna 47228 Lange- 140
– Anna 47057 Sternbuschweg 352
– Anna 47228 Sudeten- 12
– Annamaria 47166 Gottlieb- 41
– Anneliese
47269 Großenbaumer Allee 94
– Anni 47137 Duisburger- 332
– Anni 47259 Bitburger- 17
– Antje 47137 Salm- 26
– Antje 47279 Zur Wolfskuhl 6
– Artur 47198 Josef- 5
– Astrid 47178 Fischer- 35
– Auguste 47178 Josef- 5
– Barbara 47055 Brücken- 93
– Beate 47058 Hohenstaufen- 20
– Bernd 47137 Sonderburger- 3
– Bernhard 47051 Gallenkamp- 10
– Bernhard 47228 Kahlacker 48
– Bertha 47137 Winter- 3
– Bertha 47228 In den Peschen 147
– Bertha 47249 Am Bollheister 52
– Bertha 47053 Antonien- 4
– Bettina 47169 Grillo- 68
– Bettina 47053 Johanniter- 84
– Bettina 47057 Schemkesweg 45
– Bettina 47051 Steinsche Gasse 39
– Bianca 47178 Banater- 21
– Bianca 47057 Mülheimer- 168
– Birgit 47137 Metzer- 3
– Birgit 47053 St.-Johann- 22
– Birgit 47051 Kardinal-Galen- 69
– Birgit 47119 Hessen- 69
– Björn 47279 Zu den Eichen 51
– Boris 47229 Am Gelsbusch 5
– Brigitte 47053 Wanheimer- 135
– Brigitte 47166 Beecker- 152
– Brigitte 47119 Friedrich-Ebert- 110
– Brigitte 47279 Heimweg 10
– Brigitte 47198 Kirch- 145
– Brigitte 47249 Am Hauweg 66
– Brigitte 47259 Röschen- 9
– Brigitte 47179 Ruhm- 112
– Brigitte 47259 Sermer- 3
Einwohner Namen-Teil
A-DU	Firmen, Gewerbebetriebe usw. nach Namen – siehe gelber Teil
